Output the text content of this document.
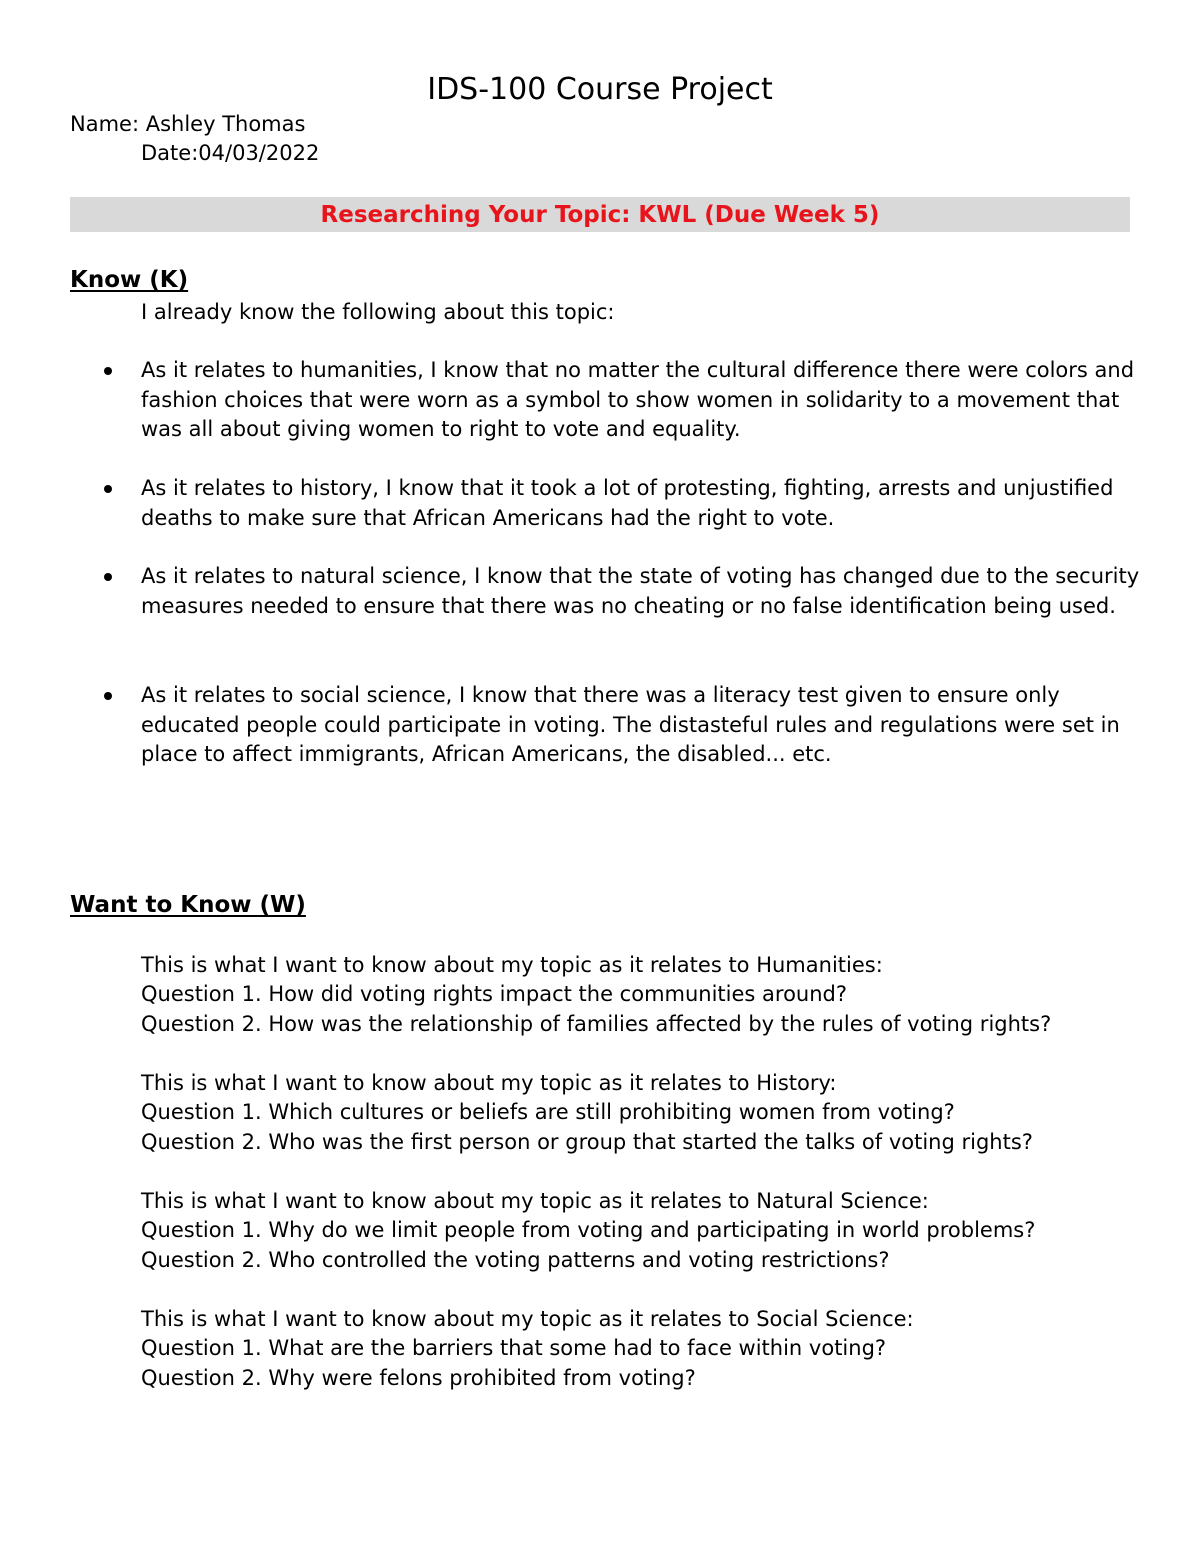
IDS-100 Course Project
Name: Ashley Thomas
Date:04/03/2022
Researching Your Topic: KWL (Due Week 5)
Know (K)
I already know the following about this topic:
As it relates to humanities, I know that no matter the cultural difference there were colors and fashion choices that were worn as a symbol to show women in solidarity to a movement that was all about giving women to right to vote and equality.
As it relates to history, I know that it took a lot of protesting, fighting, arrests and unjustified deaths to make sure that African Americans had the right to vote.
As it relates to natural science, I know that the state of voting has changed due to the security measures needed to ensure that there was no cheating or no false identification being used.
As it relates to social science, I know that there was a literacy test given to ensure only educated people could participate in voting. The distasteful rules and regulations were set in place to affect immigrants, African Americans, the disabled... etc.
Want to Know (W)
This is what I want to know about my topic as it relates to Humanities:
Question 1. How did voting rights impact the communities around?
Question 2. How was the relationship of families affected by the rules of voting rights?
This is what I want to know about my topic as it relates to History:
Question 1. Which cultures or beliefs are still prohibiting women from voting?
Question 2. Who was the first person or group that started the talks of voting rights?
This is what I want to know about my topic as it relates to Natural Science:
Question 1. Why do we limit people from voting and participating in world problems?
Question 2. Who controlled the voting patterns and voting restrictions?
This is what I want to know about my topic as it relates to Social Science:
Question 1. What are the barriers that some had to face within voting?
Question 2. Why were felons prohibited from voting?
